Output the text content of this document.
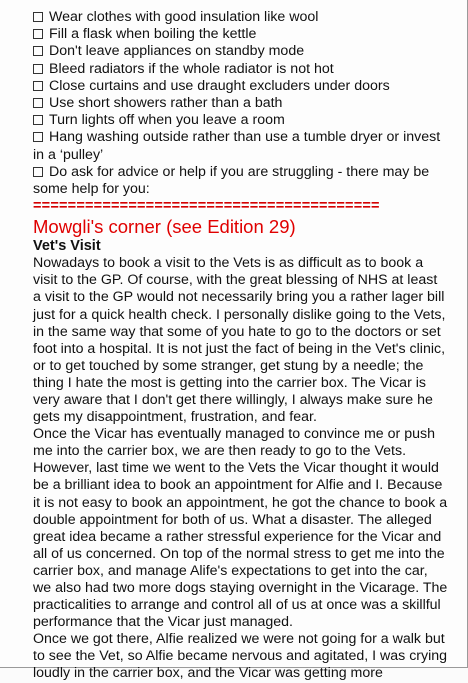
Wear clothes with good insulation like wool

Fill a flask when boiling the kettle

Don't leave appliances on standby mode

Bleed radiators if the whole radiator is not hot

Close curtains and use draught excluders under doors

Use short showers rather than a bath

Turn lights off when you leave a room

Hang washing outside rather than use a tumble dryer or invest in a ‘pulley’

Do ask for advice or help if you are struggling - there may be some help for you:

========================================
Mowgli's corner (see Edition 29)
Vet's Visit

Nowadays to book a visit to the Vets is as difficult as to book a visit to the GP. Of course, with the great blessing of NHS at least a visit to the GP would not necessarily bring you a rather lager bill just for a quick health check. I personally dislike going to the Vets, in the same way that some of you hate to go to the doctors or set foot into a hospital. It is not just the fact of being in the Vet's clinic, or to get touched by some stranger, get stung by a needle; the thing I hate the most is getting into the carrier box. The Vicar is very aware that I don't get there willingly, I always make sure he gets my disappointment, frustration, and fear.

Once the Vicar has eventually managed to convince me or push me into the carrier box, we are then ready to go to the Vets. However, last time we went to the Vets the Vicar thought it would be a brilliant idea to book an appointment for Alfie and I. Because it is not easy to book an appointment, he got the chance to book a double appointment for both of us. What a disaster. The alleged great idea became a rather stressful experience for the Vicar and all of us concerned. On top of the normal stress to get me into the carrier box, and manage Alife's expectations to get into the car, we also had two more dogs staying overnight in the Vicarage. The practicalities to arrange and control all of us at once was a skillful performance that the Vicar just managed.

Once we got there, Alfie realized we were not going for a walk but to see the Vet, so Alfie became nervous and agitated, I was crying loudly in the carrier box, and the Vicar was getting more
